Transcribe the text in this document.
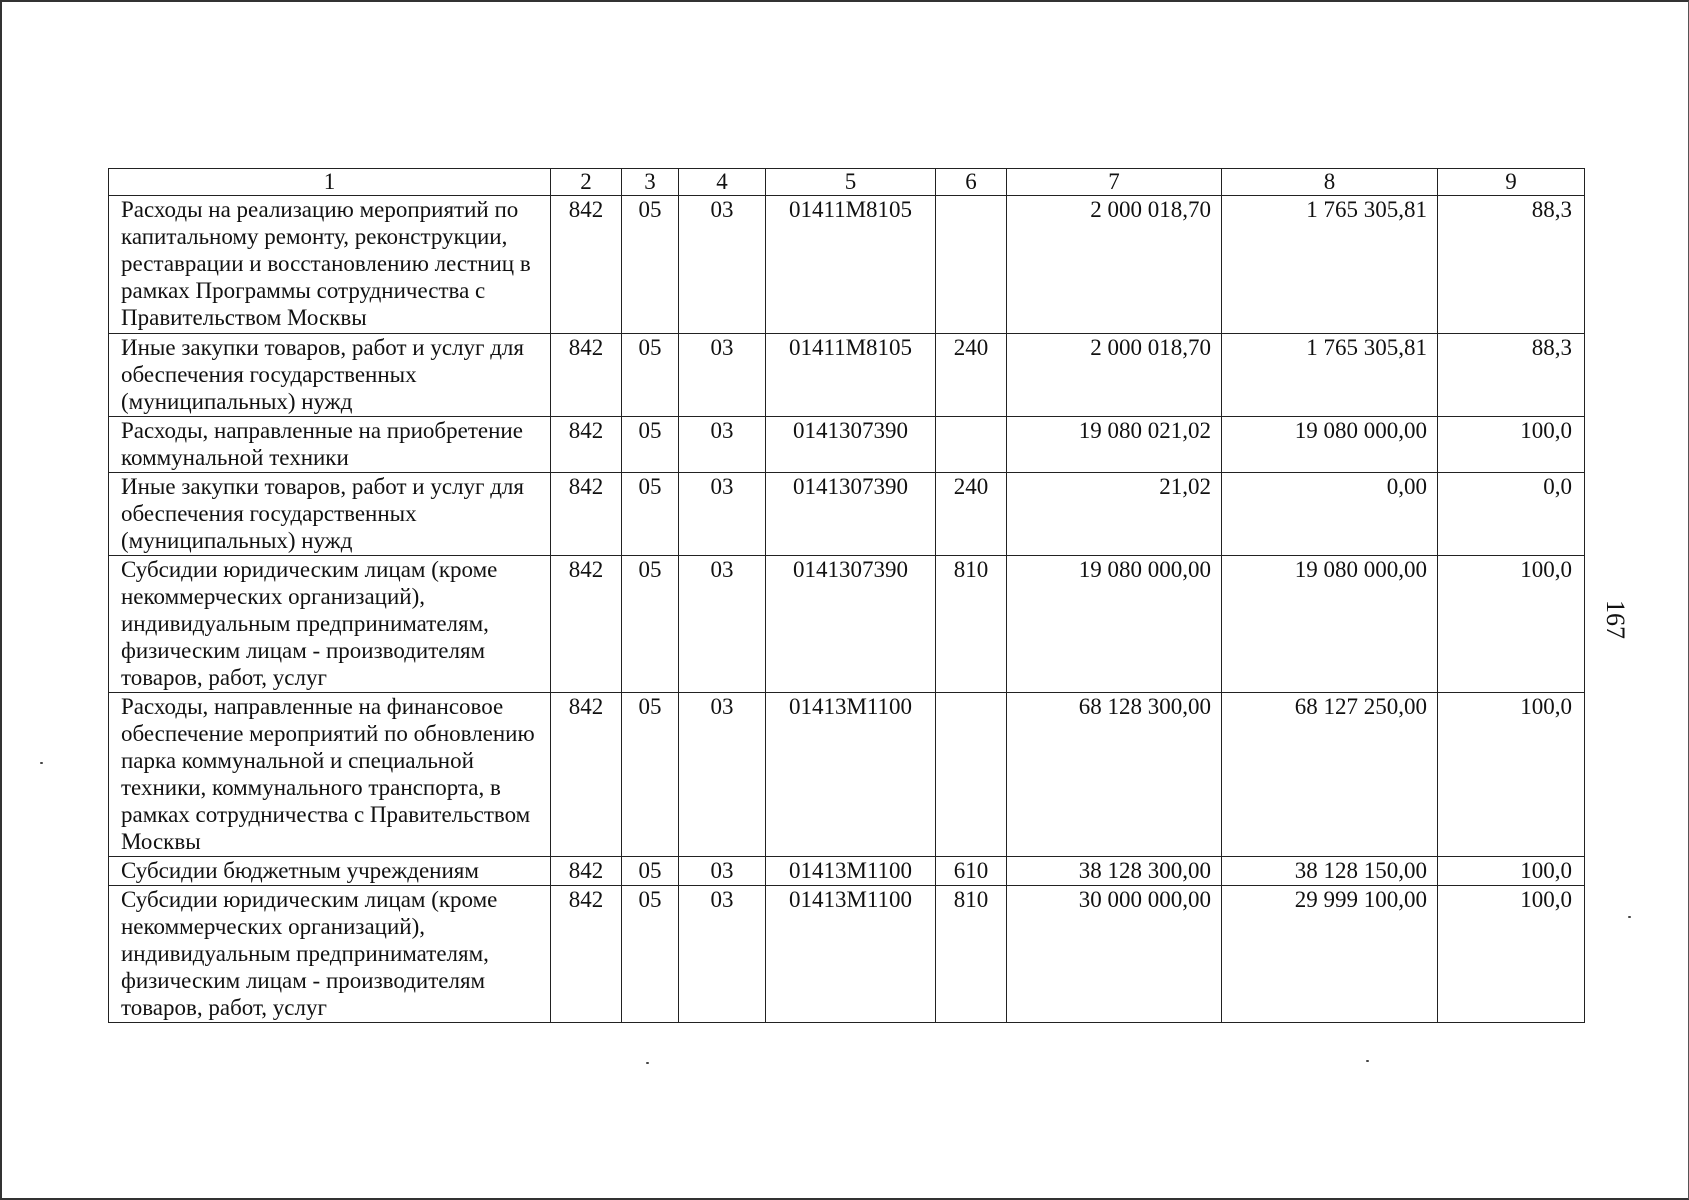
1	2	3	4	5	6	7	8	9
Расходы на реализацию мероприятий по капитальному ремонту, реконструкции, реставрации и восстановлению лестниц в рамках Программы сотрудничества с Правительством Москвы	842	05	03	01411M8105		2 000 018,70	1 765 305,81	88,3
Иные закупки товаров, работ и услуг для обеспечения государственных (муниципальных) нужд	842	05	03	01411M8105	240	2 000 018,70	1 765 305,81	88,3
Расходы, направленные на приобретение коммунальной техники	842	05	03	0141307390		19 080 021,02	19 080 000,00	100,0
Иные закупки товаров, работ и услуг для обеспечения государственных (муниципальных) нужд	842	05	03	0141307390	240	21,02	0,00	0,0
Субсидии юридическим лицам (кроме некоммерческих организаций), индивидуальным предпринимателям, физическим лицам - производителям товаров, работ, услуг	842	05	03	0141307390	810	19 080 000,00	19 080 000,00	100,0
Расходы, направленные на финансовое обеспечение мероприятий по обновлению парка коммунальной и специальной техники, коммунального транспорта, в рамках сотрудничества с Правительством Москвы	842	05	03	01413M1100		68 128 300,00	68 127 250,00	100,0
Субсидии бюджетным учреждениям	842	05	03	01413M1100	610	38 128 300,00	38 128 150,00	100,0
Субсидии юридическим лицам (кроме некоммерческих организаций), индивидуальным предпринимателям, физическим лицам - производителям товаров, работ, услуг	842	05	03	01413M1100	810	30 000 000,00	29 999 100,00	100,0
167
